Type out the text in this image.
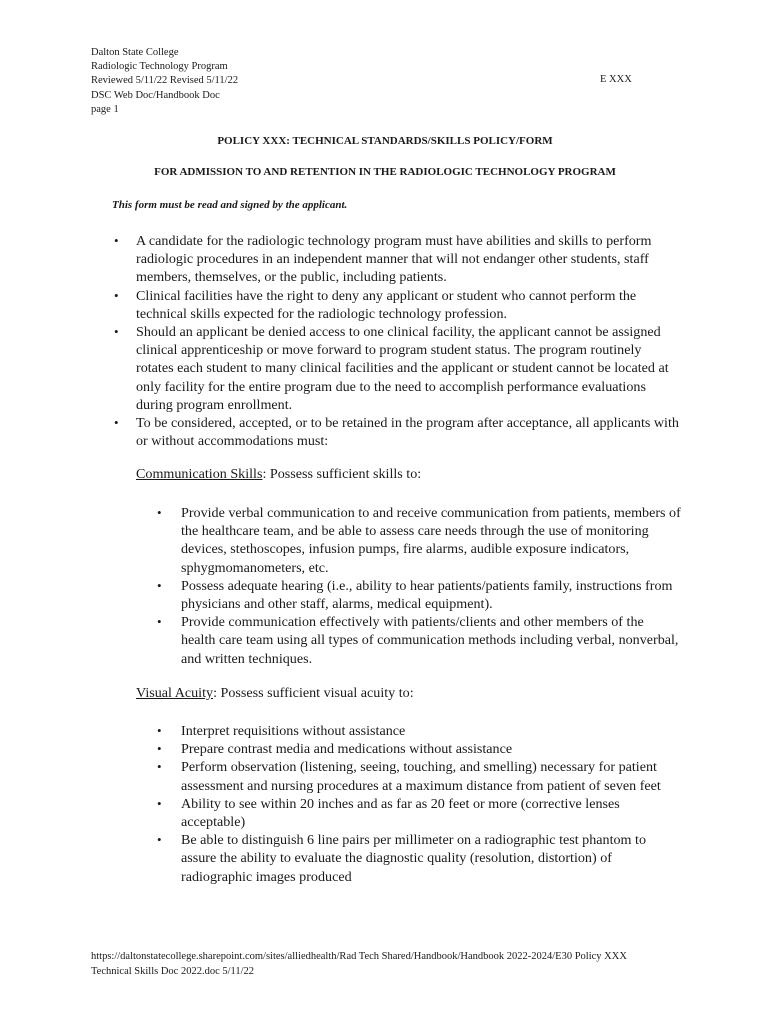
Dalton State College
Radiologic Technology Program
Reviewed 5/11/22 Revised 5/11/22
DSC Web Doc/Handbook Doc
page 1
E XXX
POLICY XXX: TECHNICAL STANDARDS/SKILLS POLICY/FORM
FOR ADMISSION TO AND RETENTION IN THE RADIOLOGIC TECHNOLOGY PROGRAM
This form must be read and signed by the applicant.
• A candidate for the radiologic technology program must have abilities and skills to perform radiologic procedures in an independent manner that will not endanger other students, staff members, themselves, or the public, including patients.
• Clinical facilities have the right to deny any applicant or student who cannot perform the technical skills expected for the radiologic technology profession.
• Should an applicant be denied access to one clinical facility, the applicant cannot be assigned clinical apprenticeship or move forward to program student status. The program routinely rotates each student to many clinical facilities and the applicant or student cannot be located at only facility for the entire program due to the need to accomplish performance evaluations during program enrollment.
• To be considered, accepted, or to be retained in the program after acceptance, all applicants with or without accommodations must:
Communication Skills: Possess sufficient skills to:
• Provide verbal communication to and receive communication from patients, members of the healthcare team, and be able to assess care needs through the use of monitoring devices, stethoscopes, infusion pumps, fire alarms, audible exposure indicators, sphygmomanometers, etc.
• Possess adequate hearing (i.e., ability to hear patients/patients family, instructions from physicians and other staff, alarms, medical equipment).
• Provide communication effectively with patients/clients and other members of the health care team using all types of communication methods including verbal, nonverbal, and written techniques.
Visual Acuity: Possess sufficient visual acuity to:
• Interpret requisitions without assistance
• Prepare contrast media and medications without assistance
• Perform observation (listening, seeing, touching, and smelling) necessary for patient assessment and nursing procedures at a maximum distance from patient of seven feet
• Ability to see within 20 inches and as far as 20 feet or more (corrective lenses acceptable)
• Be able to distinguish 6 line pairs per millimeter on a radiographic test phantom to assure the ability to evaluate the diagnostic quality (resolution, distortion) of radiographic images produced
https://daltonstatecollege.sharepoint.com/sites/alliedhealth/Rad Tech Shared/Handbook/Handbook 2022-2024/E30 Policy XXX
Technical Skills Doc 2022.doc 5/11/22
